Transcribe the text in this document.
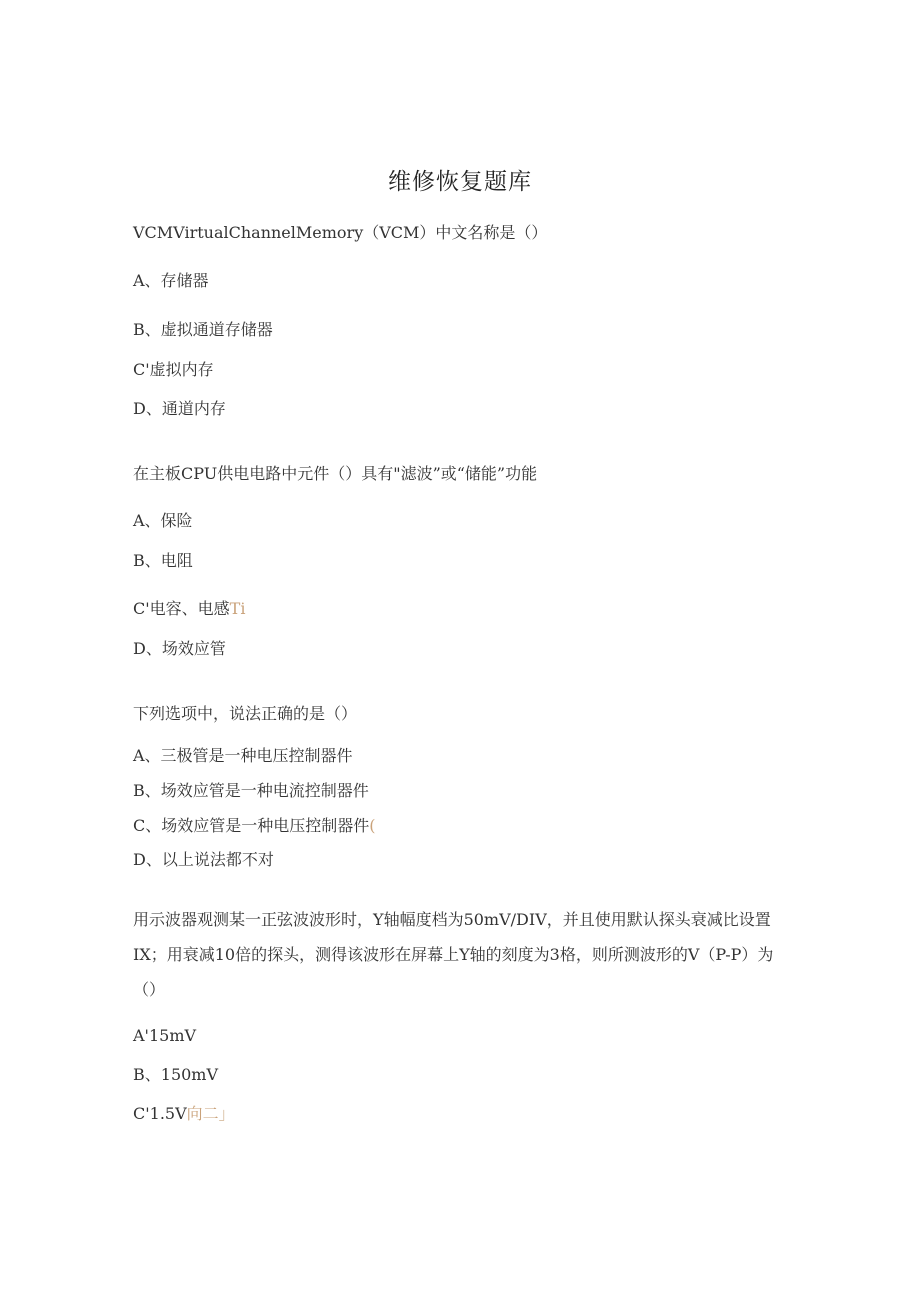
维修恢复题库
VCMVirtualChannelMemory（VCM）中文名称是（）
A、存储器
B、虚拟通道存储器
C'虚拟内存
D、通道内存
在主板CPU供电电路中元件（）具有"滤波”或“储能”功能
A、保险
B、电阻
C'电容、电感Ti
D、场效应管
下列选项中，说法正确的是（）
A、三极管是一种电压控制器件
B、场效应管是一种电流控制器件
C、场效应管是一种电压控制器件(
D、以上说法都不对
用示波器观测某一正弦波波形时，Y轴幅度档为50mV/DIV，并且使用默认探头衰减比设置IX；用衰减10倍的探头，测得该波形在屏幕上Y轴的刻度为3格，则所测波形的V（P-P）为（）
A'15mV
B、150mV
C'1.5V向二」
